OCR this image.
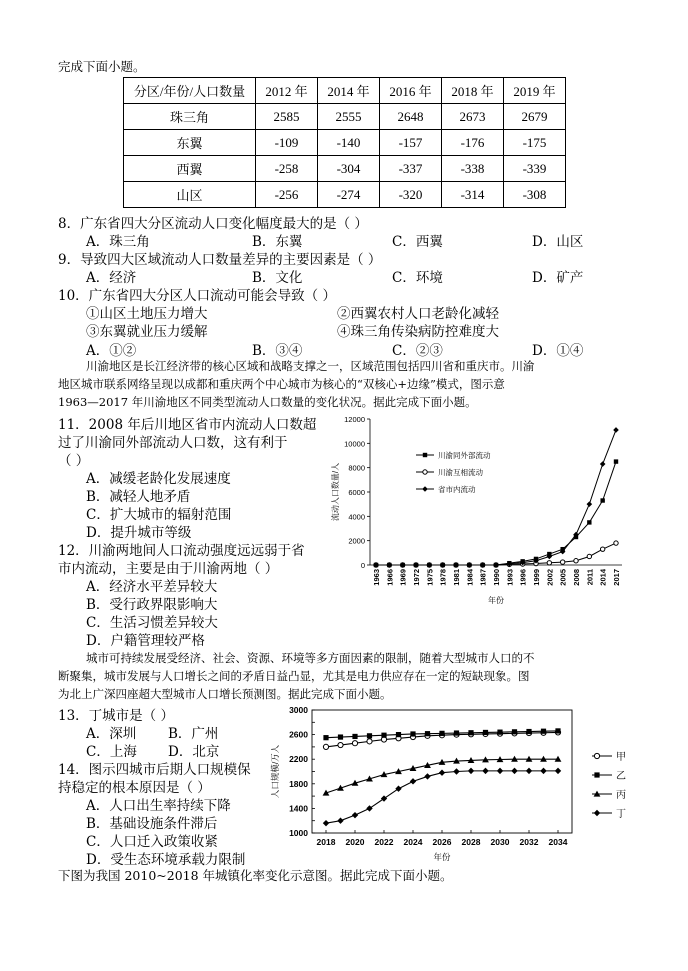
完成下面小题。
分区/年份/人口数量	2012 年	2014 年	2016 年	2018 年	2019 年
珠三角	2585	2555	2648	2673	2679
东翼	-109	-140	-157	-176	-175
西翼	-258	-304	-337	-338	-339
山区	-256	-274	-320	-314	-308
8．广东省四大分区流动人口变化幅度最大的是（ ）
A．珠三角	B．东翼	C．西翼	D．山区
9．导致四大区域流动人口数量差异的主要因素是（ ）
A．经济	B．文化	C．环境	D．矿产
10．广东省四大分区人口流动可能会导致（ ）
①山区土地压力增大	②西翼农村人口老龄化减轻
③东翼就业压力缓解	④珠三角传染病防控难度大
A．①②	B．③④	C．②③	D．①④
川渝地区是长江经济带的核心区域和战略支撑之一，区域范围包括四川省和重庆市。川渝
地区城市联系网络呈现以成都和重庆两个中心城市为核心的“双核心+边缘”模式，图示意
1963—2017 年川渝地区不同类型流动人口数量的变化状况。据此完成下面小题。
11．2008 年后川地区省市内流动人口数超
过了川渝同外部流动人口数，这有利于
（ ）
A．减缓老龄化发展速度
B．减轻人地矛盾
C．扩大城市的辐射范围
D．提升城市等级
12．川渝两地间人口流动强度远远弱于省
市内流动，主要是由于川渝两地（ ）
A．经济水平差异较大
B．受行政界限影响大
C．生活习惯差异较大
D．户籍管理较严格
0
2000
4000
6000
8000
10000
12000
1963 1966 1969 1972 1975 1978 1981 1984 1987 1990 1993 1996 1999 2002 2005 2008 2011 2014 2017
年份
流动人口数量/人
川渝同外部流动
川渝互相流动
省市内流动
城市可持续发展受经济、社会、资源、环境等多方面因素的限制，随着大型城市人口的不
断聚集，城市发展与人口增长之间的矛盾日益凸显，尤其是电力供应存在一定的短缺现象。图
为北上广深四座超大型城市人口增长预测图。据此完成下面小题。
13．丁城市是（ ）
A．深圳 B．广州
C．上海 D．北京
14．图示四城市后期人口规模保
持稳定的根本原因是（ ）
A．人口出生率持续下降
B．基础设施条件滞后
C．人口迁入政策收紧
D．受生态环境承载力限制
1000
1400
1800
2200
2600
3000
2018 2020 2022 2024 2026 2028 2030 2032 2034
年份
人口规模/万人	甲
乙
丙
丁
下图为我国 2010~2018 年城镇化率变化示意图。据此完成下面小题。
